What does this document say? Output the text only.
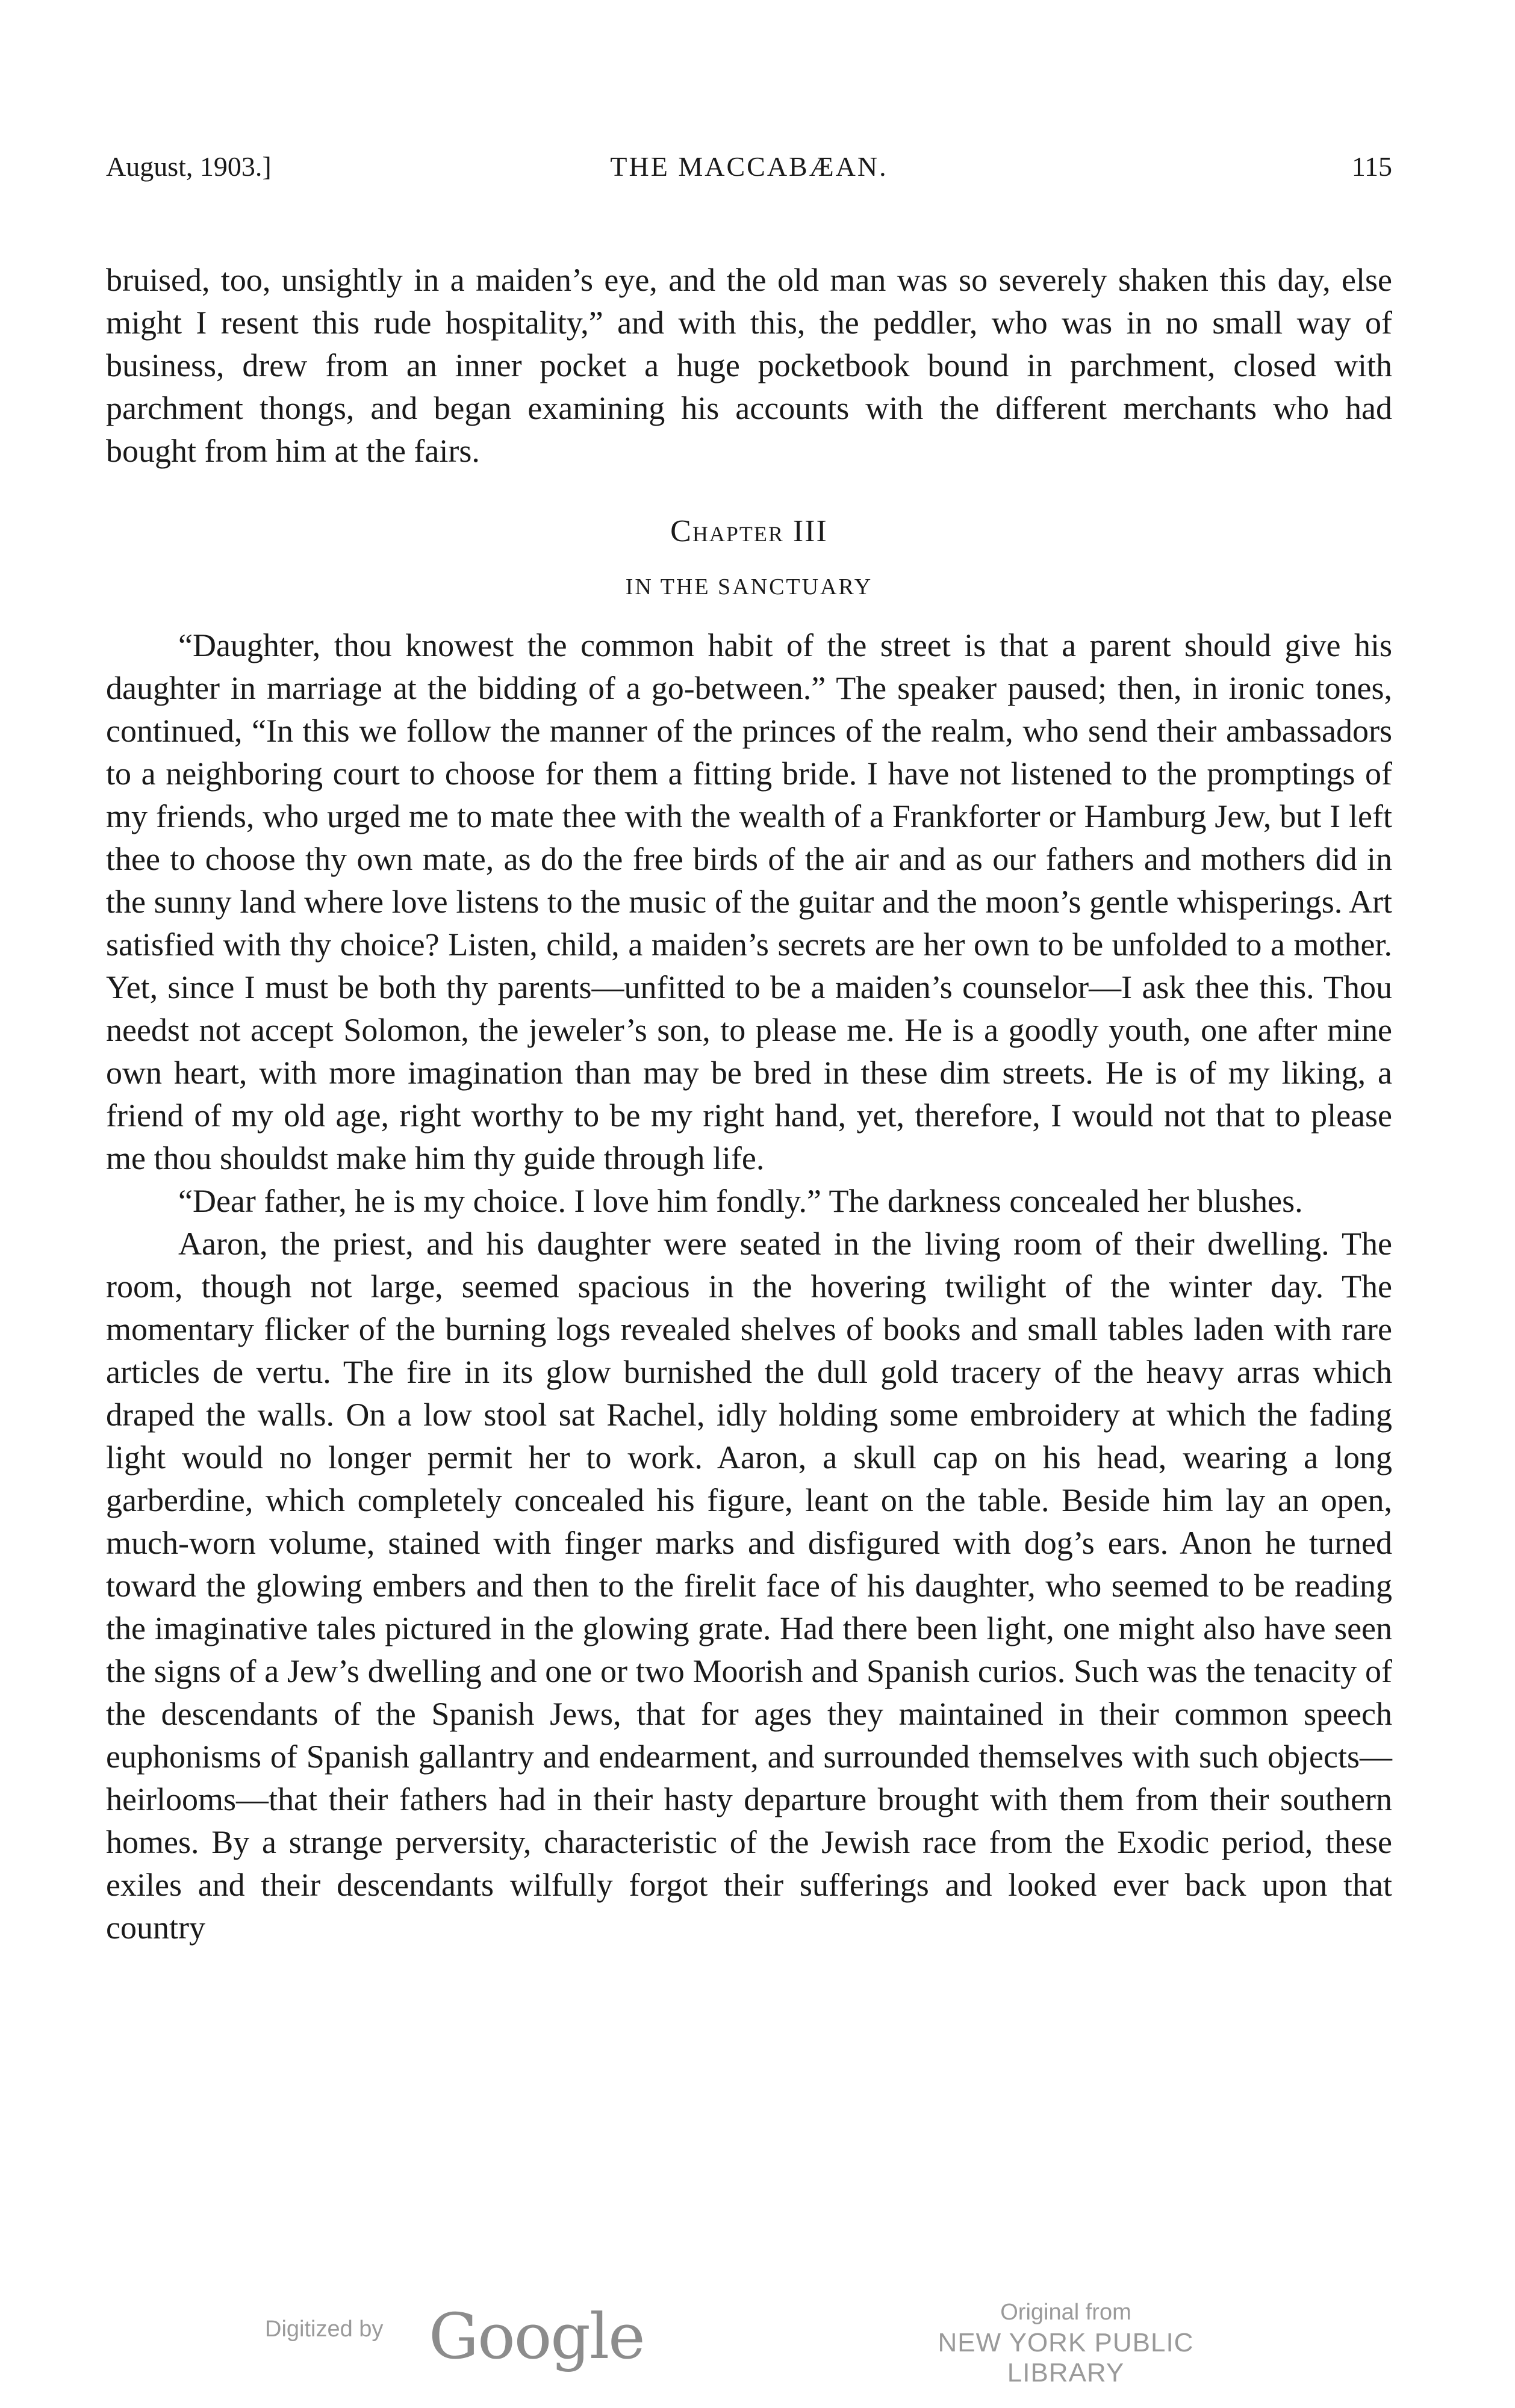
August, 1903.]	THE MACCABÆAN.	115

bruised, too, unsightly in a maiden’s eye, and the old man was so severely shaken this day, else might I resent this rude hospitality,” and with this, the peddler, who was in no small way of business, drew from an inner pocket a huge pocketbook bound in parchment, closed with parchment thongs, and began examining his accounts with the different merchants who had bought from him at the fairs.

Chapter III
IN THE SANCTUARY

“Daughter, thou knowest the common habit of the street is that a parent should give his daughter in marriage at the bidding of a go-between.” The speaker paused; then, in ironic tones, continued, “In this we follow the manner of the princes of the realm, who send their ambassadors to a neighboring court to choose for them a fitting bride. I have not listened to the promptings of my friends, who urged me to mate thee with the wealth of a Frankforter or Hamburg Jew, but I left thee to choose thy own mate, as do the free birds of the air and as our fathers and mothers did in the sunny land where love listens to the music of the guitar and the moon’s gentle whisperings. Art satisfied with thy choice? Listen, child, a maiden’s secrets are her own to be unfolded to a mother. Yet, since I must be both thy parents—unfitted to be a maiden’s counselor—I ask thee this. Thou needst not accept Solomon, the jeweler’s son, to please me. He is a goodly youth, one after mine own heart, with more imagination than may be bred in these dim streets. He is of my liking, a friend of my old age, right worthy to be my right hand, yet, therefore, I would not that to please me thou shouldst make him thy guide through life.

“Dear father, he is my choice. I love him fondly.” The darkness concealed her blushes.

Aaron, the priest, and his daughter were seated in the living room of their dwelling. The room, though not large, seemed spacious in the hovering twilight of the winter day. The momentary flicker of the burning logs revealed shelves of books and small tables laden with rare articles de vertu. The fire in its glow burnished the dull gold tracery of the heavy arras which draped the walls. On a low stool sat Rachel, idly holding some embroidery at which the fading light would no longer permit her to work. Aaron, a skull cap on his head, wearing a long garberdine, which completely concealed his figure, leant on the table. Beside him lay an open, much-worn volume, stained with finger marks and disfigured with dog’s ears. Anon he turned toward the glowing embers and then to the firelit face of his daughter, who seemed to be reading the imaginative tales pictured in the glowing grate. Had there been light, one might also have seen the signs of a Jew’s dwelling and one or two Moorish and Spanish curios. Such was the tenacity of the descendants of the Spanish Jews, that for ages they maintained in their common speech euphonisms of Spanish gallantry and endearment, and surrounded themselves with such objects—heirlooms—that their fathers had in their hasty departure brought with them from their southern homes. By a strange perversity, characteristic of the Jewish race from the Exodic period, these exiles and their descendants wilfully forgot their sufferings and looked ever back upon that country

Digitized by Google	Original from
NEW YORK PUBLIC LIBRARY
